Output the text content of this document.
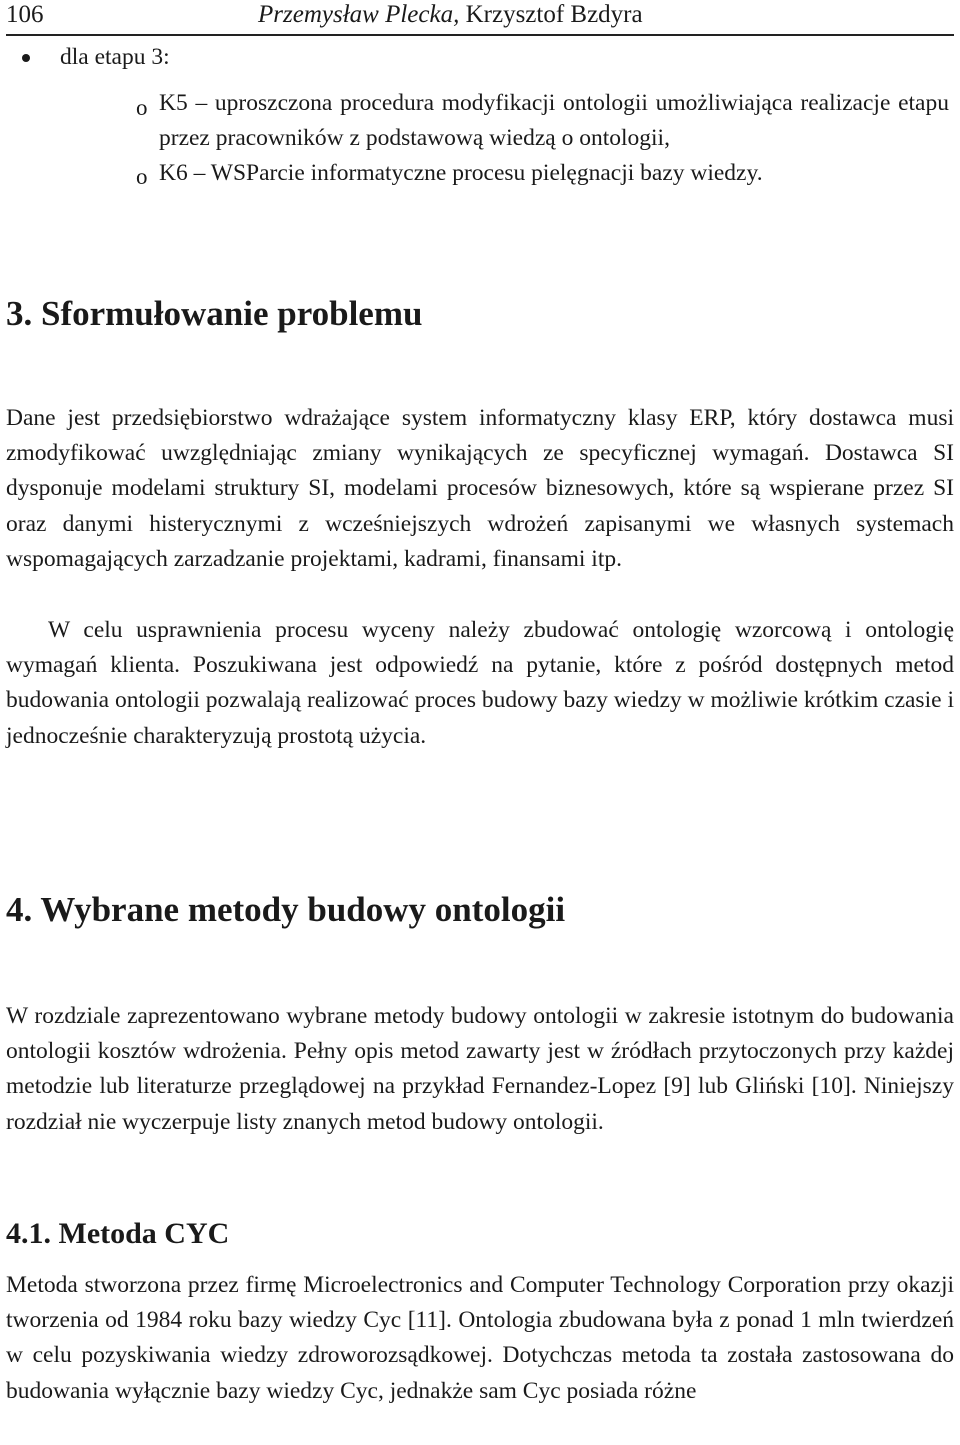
106	Przemysław Plecka, Krzysztof Bzdyra
dla etapu 3:
o K5 – uproszczona procedura modyfikacji ontologii umożliwiająca realizacje etapu przez pracowników z podstawową wiedzą o ontologii,
o K6 – WSParcie informatyczne procesu pielęgnacji bazy wiedzy.
3. Sformułowanie problemu

Dane jest przedsiębiorstwo wdrażające system informatyczny klasy ERP, który dostawca musi zmodyfikować uwzględniając zmiany wynikających ze specyficznej wymagań. Dostawca SI dysponuje modelami struktury SI, modelami procesów biznesowych, które są wspierane przez SI oraz danymi histerycznymi z wcześniejszych wdrożeń zapisanymi we własnych systemach wspomagających zarzadzanie projektami, kadrami, finansami itp.

W celu usprawnienia procesu wyceny należy zbudować ontologię wzorcową i ontologię wymagań klienta. Poszukiwana jest odpowiedź na pytanie, które z pośród dostępnych metod budowania ontologii pozwalają realizować proces budowy bazy wiedzy w możliwie krótkim czasie i jednocześnie charakteryzują prostotą użycia.

4. Wybrane metody budowy ontologii

W rozdziale zaprezentowano wybrane metody budowy ontologii w zakresie istotnym do budowania ontologii kosztów wdrożenia. Pełny opis metod zawarty jest w źródłach przytoczonych przy każdej metodzie lub literaturze przeglądowej na przykład Fernandez-Lopez [9] lub Gliński [10]. Niniejszy rozdział nie wyczerpuje listy znanych metod budowy ontologii.

4.1. Metoda CYC

Metoda stworzona przez firmę Microelectronics and Computer Technology Corporation przy okazji tworzenia od 1984 roku bazy wiedzy Cyc [11]. Ontologia zbudowana była z ponad 1 mln twierdzeń w celu pozyskiwania wiedzy zdroworozsądkowej. Dotychczas metoda ta została zastosowana do budowania wyłącznie bazy wiedzy Cyc, jednakże sam Cyc posiada różne
